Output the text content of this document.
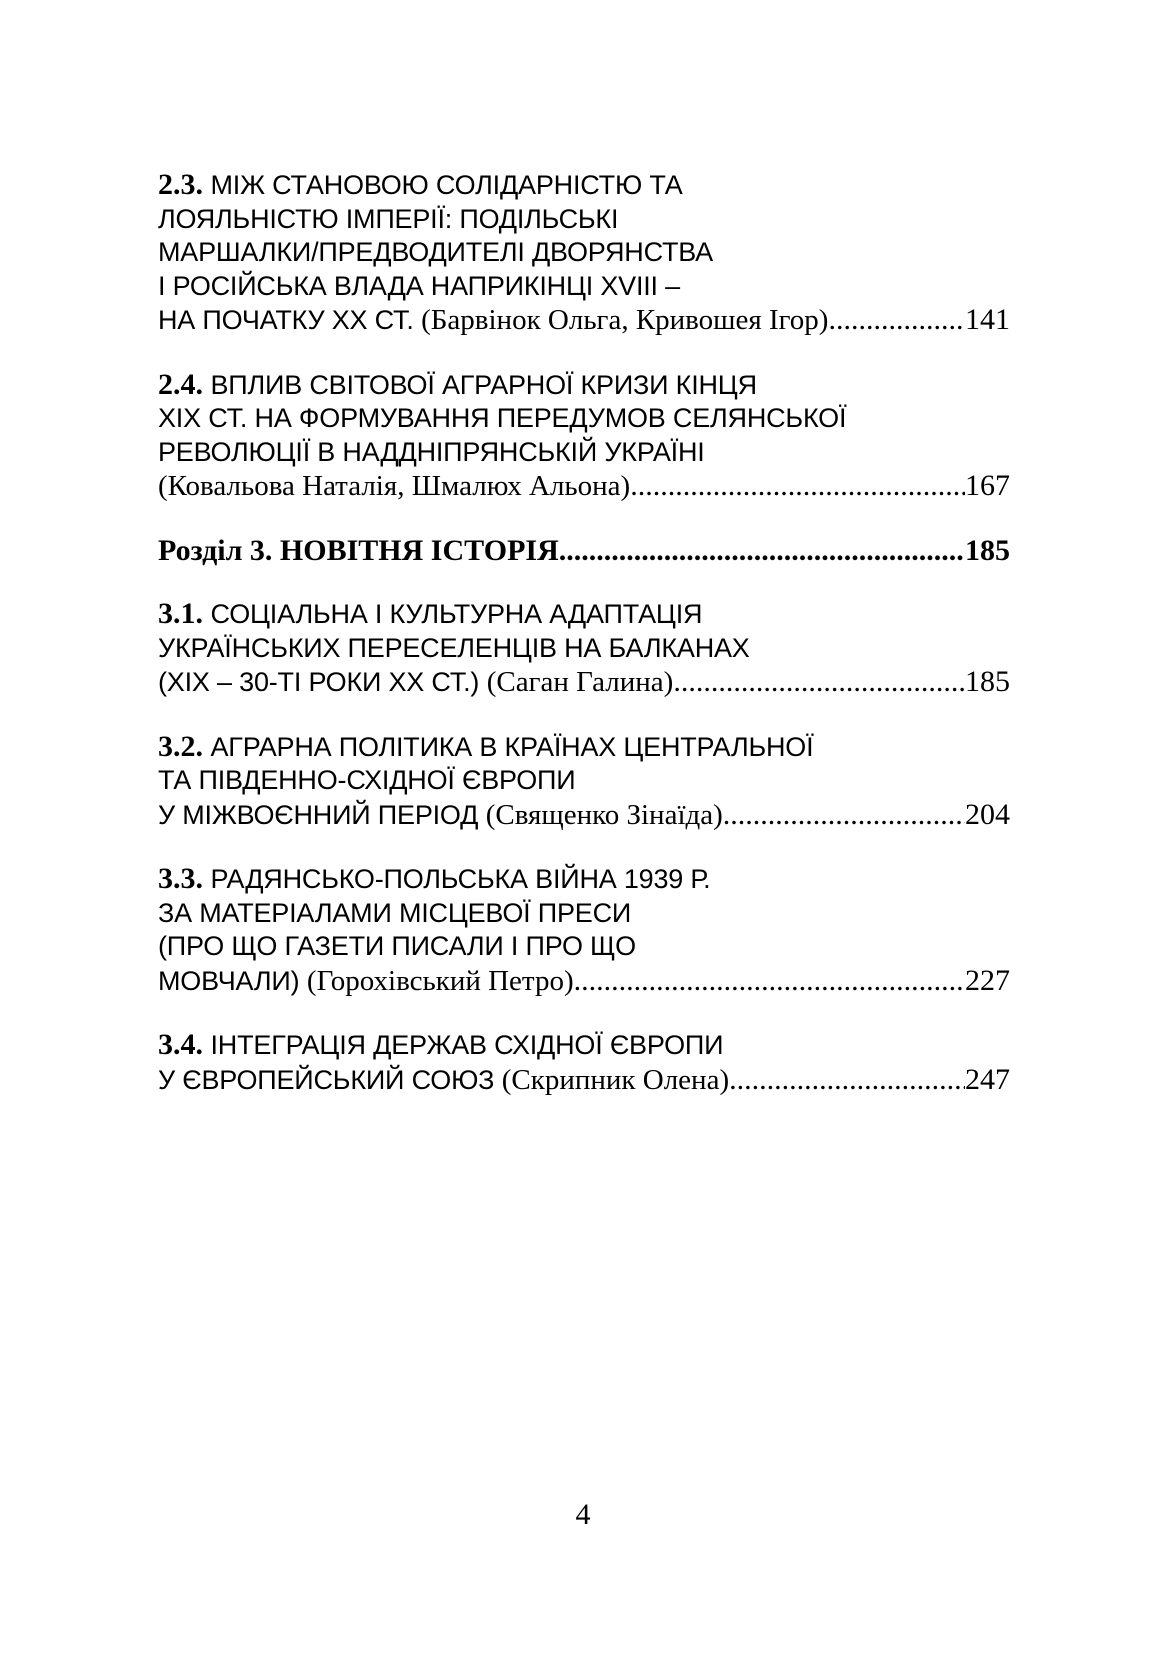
2.3. МІЖ СТАНОВОЮ СОЛІДАРНІСТЮ ТА
ЛОЯЛЬНІСТЮ ІМПЕРІЇ: ПОДІЛЬСЬКІ
МАРШАЛКИ/ПРЕДВОДИТЕЛІ ДВОРЯНСТВА
І РОСІЙСЬКА ВЛАДА НАПРИКІНЦІ XVIII –
НА ПОЧАТКУ XX СТ. (Барвінок Ольга, Кривошея Ігор) .....	141
2.4. ВПЛИВ СВІТОВОЇ АГРАРНОЇ КРИЗИ КІНЦЯ
XIX СТ. НА ФОРМУВАННЯ ПЕРЕДУМОВ СЕЛЯНСЬКОЇ
РЕВОЛЮЦІЇ В НАДДНІПРЯНСЬКІЙ УКРАЇНІ
(Ковальова Наталія, Шмалюх Альона) .....	167
Розділ 3. НОВІТНЯ ІСТОРІЯ .....	185
3.1. СОЦІАЛЬНА І КУЛЬТУРНА АДАПТАЦІЯ
УКРАЇНСЬКИХ ПЕРЕСЕЛЕНЦІВ НА БАЛКАНАХ
(XIX – 30-ТІ РОКИ XX СТ.) (Саган Галина) .....	185
3.2. АГРАРНА ПОЛІТИКА В КРАЇНАХ ЦЕНТРАЛЬНОЇ
ТА ПІВДЕННО-СХІДНОЇ ЄВРОПИ
У МІЖВОЄННИЙ ПЕРІОД (Священко Зінаїда) .....	204
3.3. РАДЯНСЬКО-ПОЛЬСЬКА ВІЙНА 1939 Р.
ЗА МАТЕРІАЛАМИ МІСЦЕВОЇ ПРЕСИ
(ПРО ЩО ГАЗЕТИ ПИСАЛИ І ПРО ЩО
МОВЧАЛИ) (Горохівський Петро) .....	227
3.4. ІНТЕГРАЦІЯ ДЕРЖАВ СХІДНОЇ ЄВРОПИ
У ЄВРОПЕЙСЬКИЙ СОЮЗ (Скрипник Олена) .....	247
4
